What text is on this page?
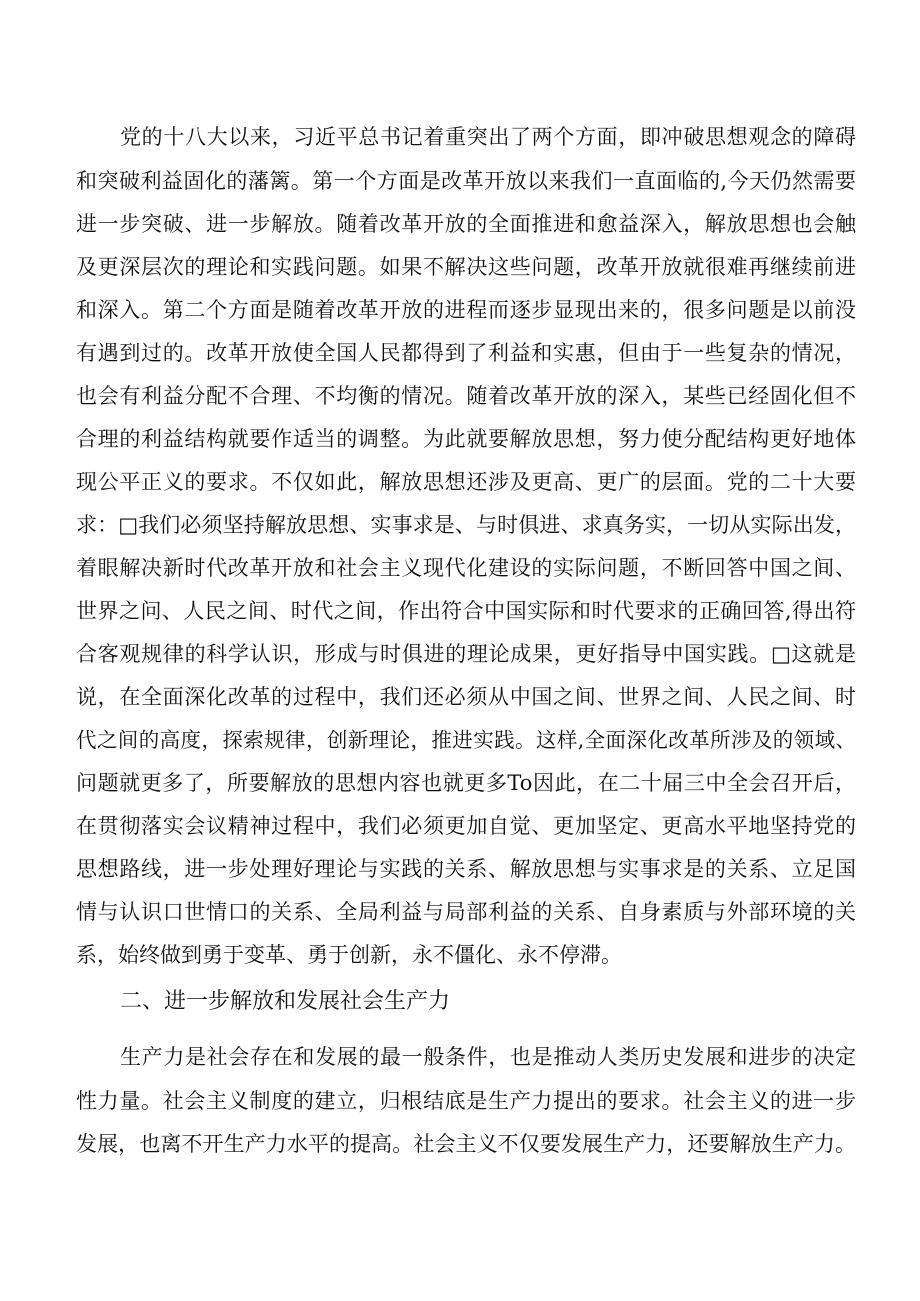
党的十八大以来，习近平总书记着重突出了两个方面，即冲破思想观念的障碍
和突破利益固化的藩篱。第一个方面是改革开放以来我们一直面临的,今天仍然需要
进一步突破、进一步解放。随着改革开放的全面推进和愈益深入，解放思想也会触
及更深层次的理论和实践问题。如果不解决这些问题，改革开放就很难再继续前进
和深入。第二个方面是随着改革开放的进程而逐步显现出来的，很多问题是以前没
有遇到过的。改革开放使全国人民都得到了利益和实惠，但由于一些复杂的情况，
也会有利益分配不合理、不均衡的情况。随着改革开放的深入，某些已经固化但不
合理的利益结构就要作适当的调整。为此就要解放思想，努力使分配结构更好地体
现公平正义的要求。不仅如此，解放思想还涉及更高、更广的层面。党的二十大要
求：□我们必须坚持解放思想、实事求是、与时俱进、求真务实，一切从实际出发，
着眼解决新时代改革开放和社会主义现代化建设的实际问题，不断回答中国之间、
世界之问、人民之间、时代之间，作出符合中国实际和时代要求的正确回答,得出符
合客观规律的科学认识，形成与时俱进的理论成果，更好指导中国实践。□这就是
说，在全面深化改革的过程中，我们还必须从中国之间、世界之间、人民之间、时
代之间的高度，探索规律，创新理论，推进实践。这样,全面深化改革所涉及的领域、
问题就更多了，所要解放的思想内容也就更多To因此，在二十届三中全会召开后，
在贯彻落实会议精神过程中，我们必须更加自觉、更加坚定、更高水平地坚持党的
思想路线，进一步处理好理论与实践的关系、解放思想与实事求是的关系、立足国
情与认识口世情口的关系、全局利益与局部利益的关系、自身素质与外部环境的关
系，始终做到勇于变革、勇于创新，永不僵化、永不停滞。
二、进一步解放和发展社会生产力
生产力是社会存在和发展的最一般条件，也是推动人类历史发展和进步的决定
性力量。社会主义制度的建立，归根结底是生产力提出的要求。社会主义的进一步
发展，也离不开生产力水平的提高。社会主义不仅要发展生产力，还要解放生产力。
